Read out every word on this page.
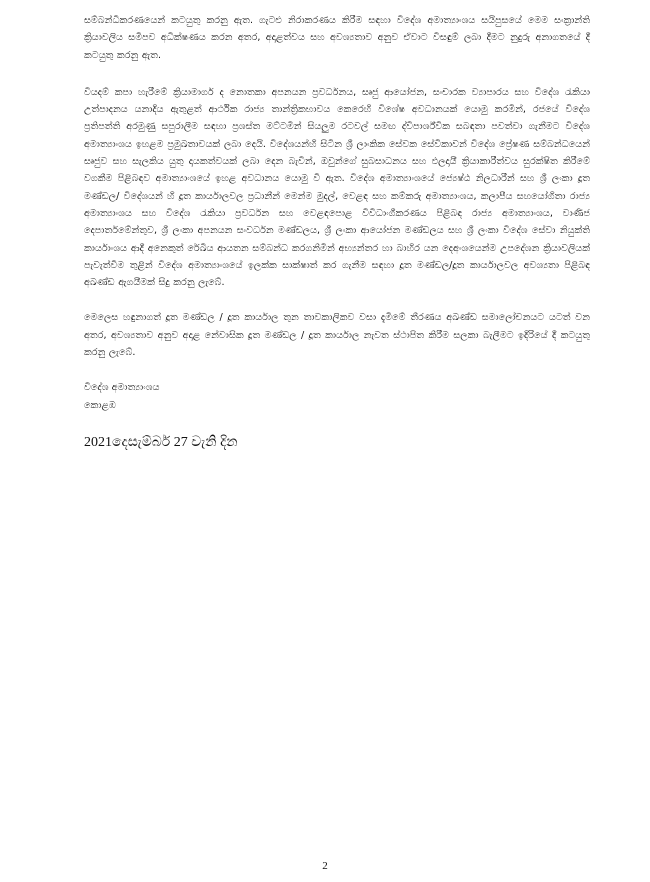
සම්බන්ධීකරණයෙන් කටයුතු කරනු ඇත. ගැටළු නිරාකරණය කිරීම සඳහා විදේශ අමාත්‍යාංශය සයිපුසයේ මෙම සංක්‍රාන්ති ක්‍රියාවලිය සමීපව අධීක්ෂණය කරන අතර, අදාළත්වය සහ අවශ්‍යතාව අනුව ඒවාට විසඳුම් ලබා දීමට නුදුරු අනාගතයේ දී කටයුතු කරනු ඇත.

වියදම් කපා හැරීමේ ක්‍රියාමාර්ග ද නොතකා අපනයන ප්‍රවර්ධනය, සෘජු ආයෝජන, සංචාරක ව්‍යාපාරය සහ විදේශ රැකියා උත්පාදනය යනාදිය ඇතුළත් ආර්ථික රාජ්‍ය තාන්ත්‍රිකභාවය කෙරෙහි විශේෂ අවධානයක් යොමු කරමින්, රජයේ විදේශ ප්‍රතිපත්ති අරමුණු සපුරාලීම සඳහා ප්‍රශස්ත මට්ටමින් සියලුම රටවල් සමඟ ද්විපාර්ශ්වික සබඳතා පවත්වා ගැනීමට විදේශ අමාත්‍යාංශය ඉහළම ප්‍රමුඛතාවයක් ලබා දෙයි. විදේශයන්හි සිටින ශ්‍රී ලාංකික සේවක සේවිකාවන් විදේශ ප්‍රේෂණ සම්බන්ධයෙන් සෘජුව සහ සැලකිය යුතු දායකත්වයක් ලබා දෙන බැවින්, ඔවුන්ගේ සුබසාධනය සහ ඵලදායී ක්‍රියාකාරීත්වය සුරක්ෂිත කිරීමේ වගකීම පිළිබඳව අමාත්‍යාංශයේ ඉහළ අවධානය යොමු වී ඇත. විදේශ අමාත්‍යාංශයේ ජ්‍යෙෂ්ඨ නිලධාරීන් සහ ශ්‍රී ලංකා දූත මණ්ඩල/ විදේශයන් හි දූත කාර්යාලවල ප්‍රධානීන් මෙන්ම මුදල්, වෙළඳ සහ කම්කරු අමාත්‍යාංශය, කලාපීය සහයෝගිතා රාජ්‍ය අමාත්‍යාංශය සහ විදේශ රැකියා ප්‍රවර්ධන සහ වෙළඳපොළ විවිධාංගීකරණය පිළිබඳ රාජ්‍ය අමාත්‍යාංශය, වාණිජ දෙපාර්තමේන්තුව, ශ්‍රී ලංකා අපනයන සංවර්ධන මණ්ඩලය, ශ්‍රී ලංකා ආයෝජන මණ්ඩලය සහ ශ්‍රී ලංකා විදේශ සේවා නියුක්ති කාර්යාංශය ආදී අනෙකුත් රේඛීය ආයතන සම්බන්ධ කරගනිමින් අභ්‍යන්තර හා බාහිර යන දෙඅංශයෙන්ම උපදේශන ක්‍රියාවලියක් පැවැත්වීම තුළින් විදේශ අමාත්‍යාංශයේ ඉලක්ක සාක්ෂාත් කර ගැනීම සඳහා දූත මණ්ඩල/දූත කාර්යාලවල අවශ්‍යතා පිළිබඳ අඛණ්ඩ ඇගයීමක් සිදු කරනු ලැබේ.

මෙලෙස හඳුනාගත් දූත මණ්ඩල / දූත කාර්යාල තුන තාවකාලිකව වසා දැමීමේ තීරණය අඛණ්ඩ සමාලෝචනයට යටත් වන අතර, අවශ්‍යතාව අනුව අදාළ නේවාසික දූත මණ්ඩල / දූත කාර්යාල නැවත ස්ථාපිත කිරීම සලකා බැලීමට ඉදිරියේ දී කටයුතු කරනු ලැබේ.

විදේශ අමාත්‍යාංශය

කොළඹ

2021දෙසැම්බර් 27 වැනි දින
2
